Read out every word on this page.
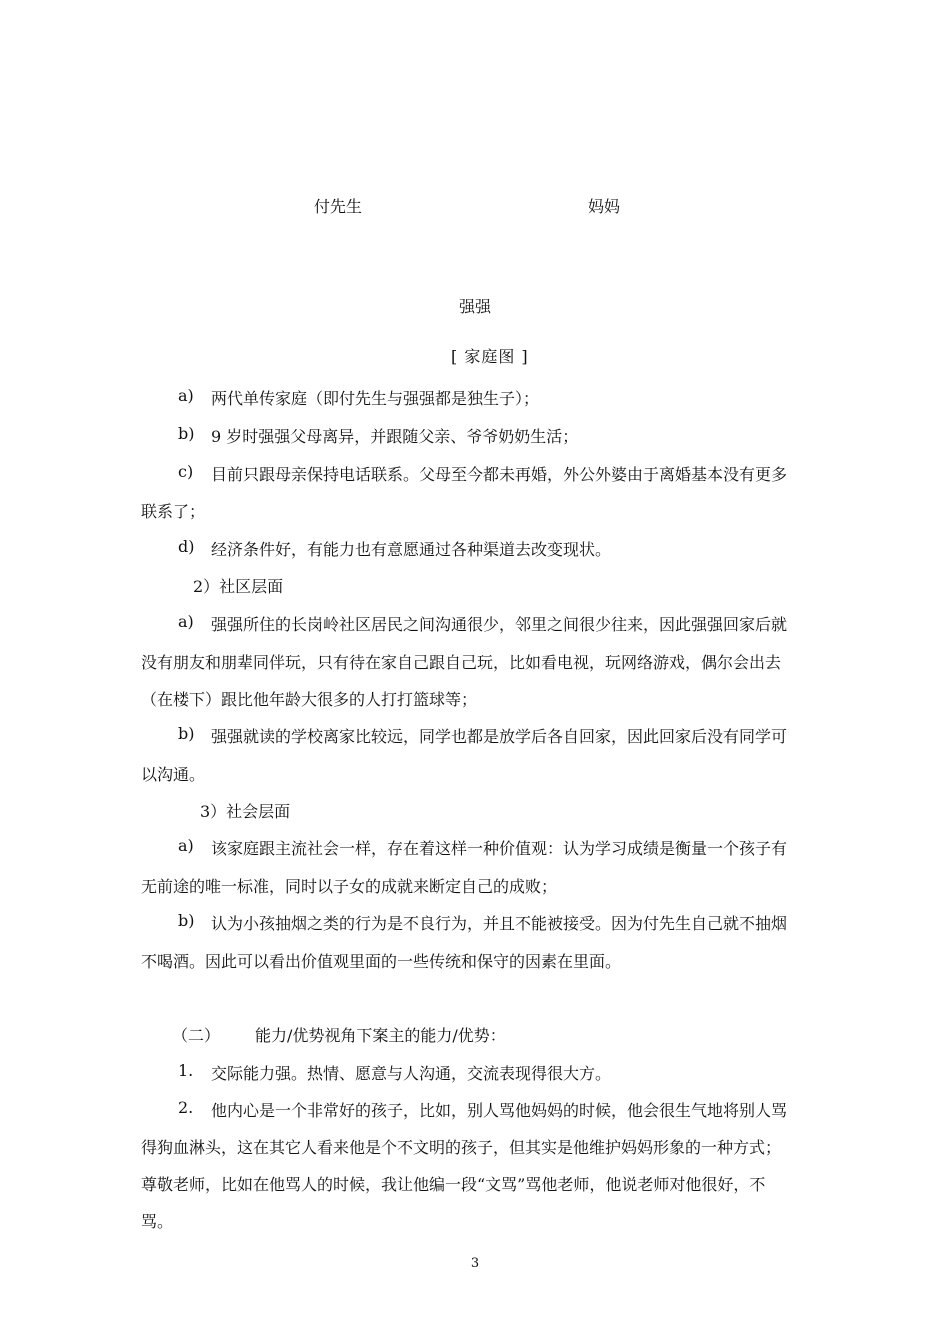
付先生	妈妈
强强
[ 家庭图 ]
a) 两代单传家庭（即付先生与强强都是独生子）；
b) 9 岁时强强父母离异，并跟随父亲、爷爷奶奶生活；
c) 目前只跟母亲保持电话联系。父母至今都未再婚，外公外婆由于离婚基本没有更多
联系了；
d) 经济条件好，有能力也有意愿通过各种渠道去改变现状。
2）社区层面
a) 强强所住的长岗岭社区居民之间沟通很少，邻里之间很少往来，因此强强回家后就
没有朋友和朋辈同伴玩，只有待在家自己跟自己玩，比如看电视，玩网络游戏，偶尔会出去
（在楼下）跟比他年龄大很多的人打打篮球等；
b) 强强就读的学校离家比较远，同学也都是放学后各自回家，因此回家后没有同学可
以沟通。
3）社会层面
a) 该家庭跟主流社会一样，存在着这样一种价值观：认为学习成绩是衡量一个孩子有
无前途的唯一标准，同时以子女的成就来断定自己的成败；
b) 认为小孩抽烟之类的行为是不良行为，并且不能被接受。因为付先生自己就不抽烟
不喝酒。因此可以看出价值观里面的一些传统和保守的因素在里面。
（二） 能力/优势视角下案主的能力/优势：
1. 交际能力强。热情、愿意与人沟通，交流表现得很大方。
2. 他内心是一个非常好的孩子，比如，别人骂他妈妈的时候，他会很生气地将别人骂
得狗血淋头，这在其它人看来他是个不文明的孩子，但其实是他维护妈妈形象的一种方式；
尊敬老师，比如在他骂人的时候，我让他编一段“文骂”骂他老师，他说老师对他很好，不
骂。
3
